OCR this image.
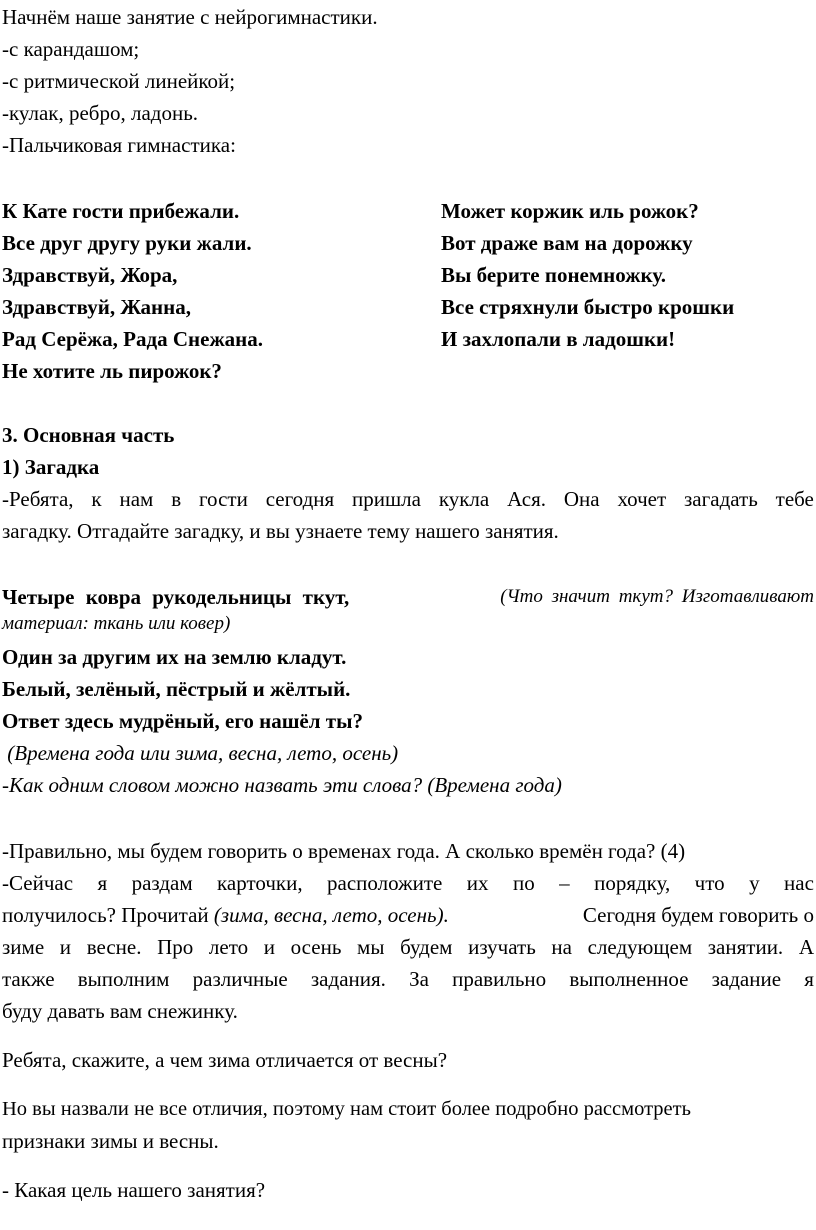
Начнём наше занятие с нейрогимнастики.
-с карандашом;
-с ритмической линейкой;
-кулак, ребро, ладонь.
-Пальчиковая гимнастика:
К Кате гости прибежали.
Все друг другу руки жали.
Здравствуй, Жора,
Здравствуй, Жанна,
Рад Серёжа, Рада Снежана.
Не хотите ль пирожок?
Может коржик иль рожок?
Вот драже вам на дорожку
Вы берите понемножку.
Все стряхнули быстро крошки
И захлопали в ладошки!
3. Основная часть
1) Загадка
-Ребята, к нам в гости сегодня пришла кукла Ася. Она хочет загадать тебе
загадку. Отгадайте загадку, и вы узнаете тему нашего занятия.
Четыре ковра рукодельницы ткут,	(Что значит ткут? Изготавливают
материал: ткань или ковер)
Один за другим их на землю кладут.
Белый, зелёный, пёстрый и жёлтый.
Ответ здесь мудрёный, его нашёл ты?
(Времена года или зима, весна, лето, осень)
-Как одним словом можно назвать эти слова? (Времена года)
-Правильно, мы будем говорить о временах года. А сколько времён года? (4)
-Сейчас я раздам карточки, расположите их по – порядку, что у нас
получилось? Прочитай (зима, весна, лето, осень).	Сегодня будем говорить о
зиме и весне. Про лето и осень мы будем изучать на следующем занятии. А
также выполним различные задания. За правильно выполненное задание я
буду давать вам снежинку.
Ребята, скажите, а чем зима отличается от весны?
Но вы назвали не все отличия, поэтому нам стоит более подробно рассмотреть
признаки зимы и весны.
- Какая цель нашего занятия?
